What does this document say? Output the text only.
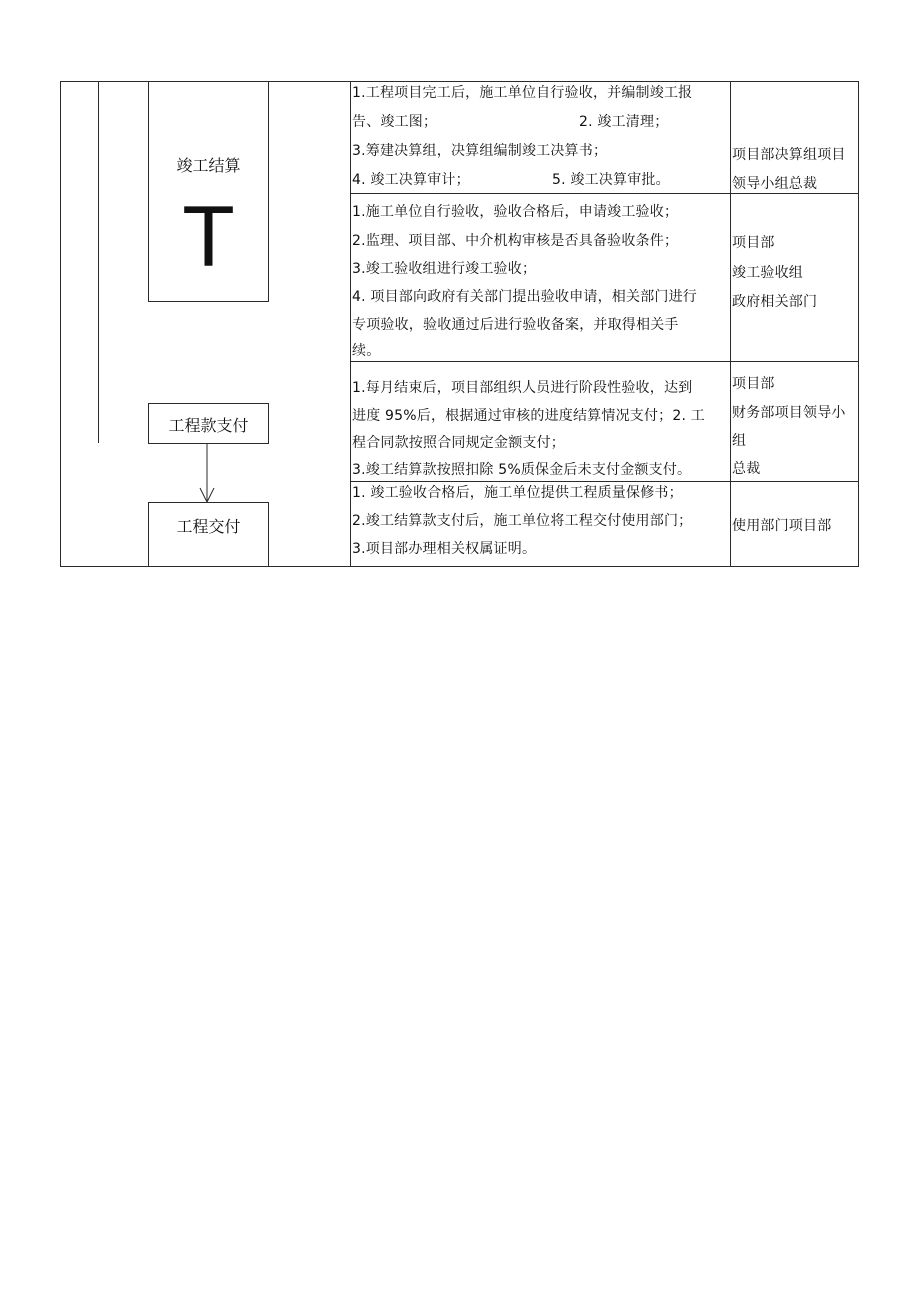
竣工结算
T
工程款支付
工程交付
1.工程项目完工后，施工单位自行验收，并编制竣工报
告、竣工图；	2. 竣工清理；
3.筹建决算组，决算组编制竣工决算书；
4. 竣工决算审计；	5. 竣工决算审批。
项目部决算组项目
领导小组总裁
1.施工单位自行验收，验收合格后，申请竣工验收；
2.监理、项目部、中介机构审核是否具备验收条件；
3.竣工验收组进行竣工验收；
4. 项目部向政府有关部门提出验收申请，相关部门进行
专项验收，验收通过后进行验收备案，并取得相关手
续。
项目部
竣工验收组
政府相关部门
1.每月结束后，项目部组织人员进行阶段性验收，达到
进度 95%后，根据通过审核的进度结算情况支付；2. 工
程合同款按照合同规定金额支付；
3.竣工结算款按照扣除 5%质保金后未支付金额支付。
项目部
财务部项目领导小
组
总裁
1. 竣工验收合格后，施工单位提供工程质量保修书；
2.竣工结算款支付后，施工单位将工程交付使用部门；
3.项目部办理相关权属证明。
使用部门项目部
